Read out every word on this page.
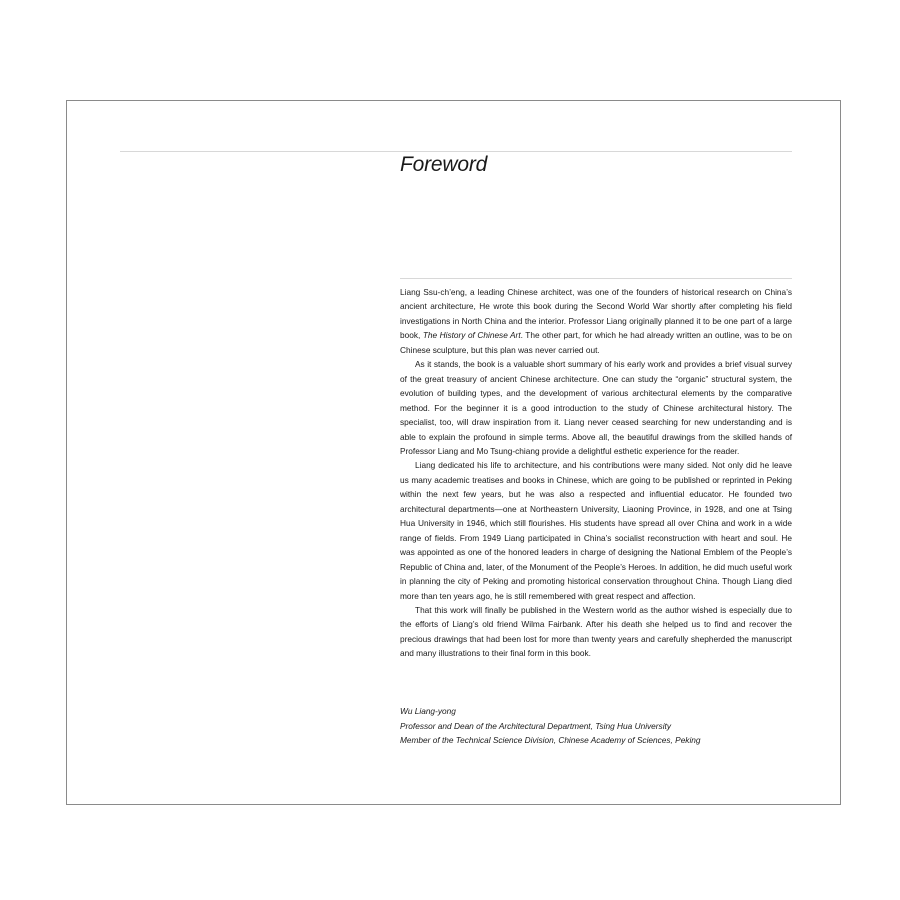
Foreword

Liang Ssu-ch’eng, a leading Chinese architect, was one of the founders of historical research on China’s ancient architecture, He wrote this book during the Second World War shortly after completing his field investigations in North China and the interior. Professor Liang originally planned it to be one part of a large book, The History of Chinese Art. The other part, for which he had already written an outline, was to be on Chinese sculpture, but this plan was never carried out.

As it stands, the book is a valuable short summary of his early work and provides a brief visual survey of the great treasury of ancient Chinese architecture. One can study the “organic” structural system, the evolution of building types, and the development of various architectural elements by the comparative method. For the beginner it is a good introduction to the study of Chinese architectural history. The specialist, too, will draw inspiration from it. Liang never ceased searching for new understanding and is able to explain the profound in simple terms. Above all, the beautiful drawings from the skilled hands of Professor Liang and Mo Tsung-chiang provide a delightful esthetic experience for the reader.

Liang dedicated his life to architecture, and his contributions were many sided. Not only did he leave us many academic treatises and books in Chinese, which are going to be published or reprinted in Peking within the next few years, but he was also a respected and influential educator. He founded two architectural departments—one at Northeastern University, Liaoning Province, in 1928, and one at Tsing Hua University in 1946, which still flourishes. His students have spread all over China and work in a wide range of fields. From 1949 Liang participated in China’s socialist reconstruction with heart and soul. He was appointed as one of the honored leaders in charge of designing the National Emblem of the People’s Republic of China and, later, of the Monument of the People’s Heroes. In addition, he did much useful work in planning the city of Peking and promoting historical conservation throughout China. Though Liang died more than ten years ago, he is still remembered with great respect and affection.

That this work will finally be published in the Western world as the author wished is especially due to the efforts of Liang’s old friend Wilma Fairbank. After his death she helped us to find and recover the precious drawings that had been lost for more than twenty years and carefully shepherded the manuscript and many illustrations to their final form in this book.

Wu Liang-yong
Professor and Dean of the Architectural Department, Tsing Hua University
Member of the Technical Science Division, Chinese Academy of Sciences, Peking
